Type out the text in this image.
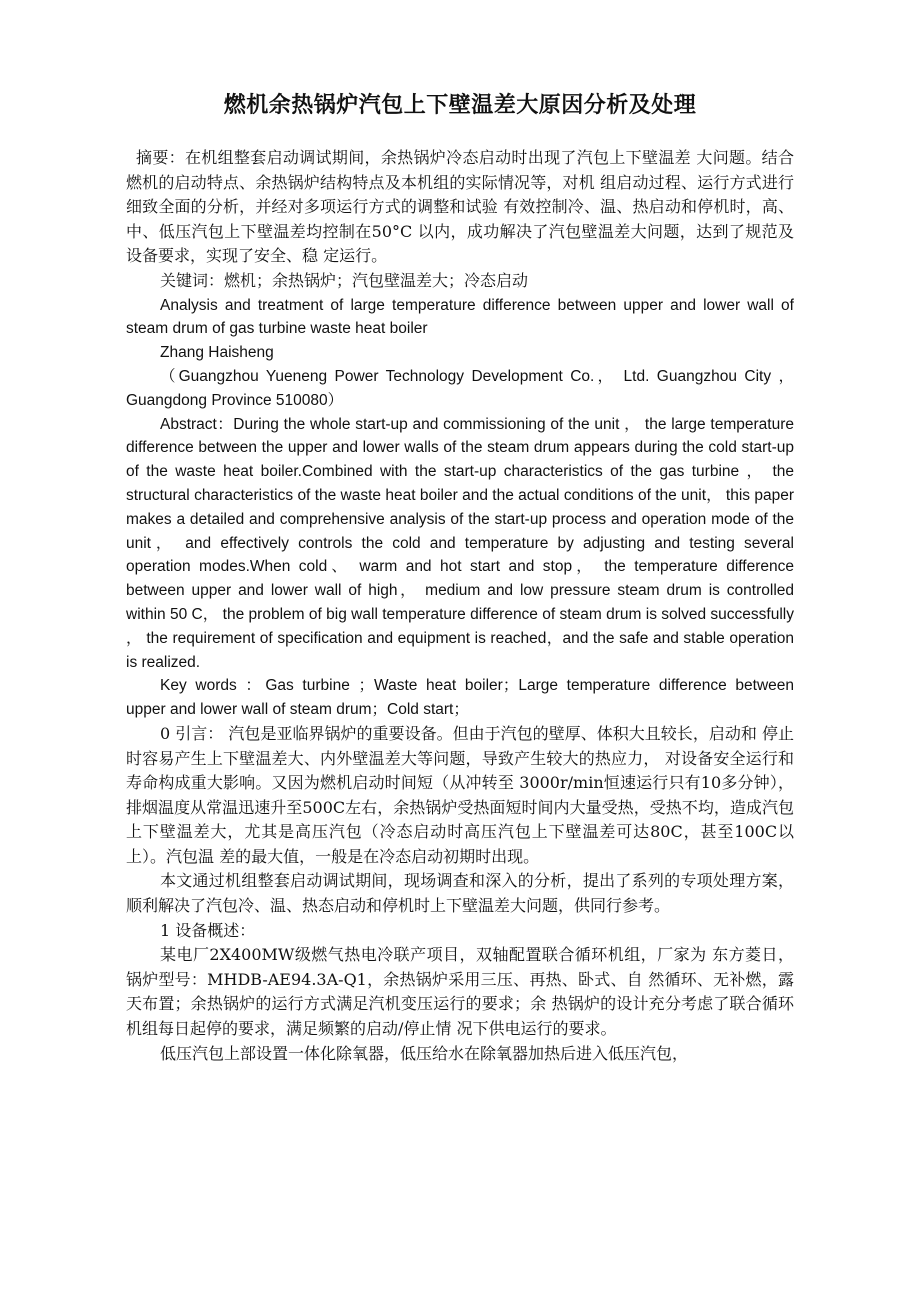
燃机余热锅炉汽包上下壁温差大原因分析及处理

摘要：在机组整套启动调试期间，余热锅炉冷态启动时出现了汽包上下壁温差 大问题。结合燃机的启动特点、余热锅炉结构特点及本机组的实际情况等，对机 组启动过程、运行方式进行细致全面的分析，并经对多项运行方式的调整和试验 有效控制冷、温、热启动和停机时，高、中、低压汽包上下壁温差均控制在50°C 以内，成功解决了汽包壁温差大问题，达到了规范及设备要求，实现了安全、稳 定运行。

关键词：燃机；余热锅炉；汽包壁温差大；冷态启动

Analysis and treatment of large temperature difference between upper and lower wall of steam drum of gas turbine waste heat boiler

Zhang Haisheng

（Guangzhou Yueneng Power Technology Development Co.， Ltd. Guangzhou City ， Guangdong Province 510080）

Abstract：During the whole start-up and commissioning of the unit ， the large temperature difference between the upper and lower walls of the steam drum appears during the cold start-up of the waste heat boiler.Combined with the start-up characteristics of the gas turbine ， the structural characteristics of the waste heat boiler and the actual conditions of the unit， this paper makes a detailed and comprehensive analysis of the start-up process and operation mode of the unit， and effectively controls the cold and temperature by adjusting and testing several operation modes.When cold、 warm and hot start and stop， the temperature difference between upper and lower wall of high， medium and low pressure steam drum is controlled within 50 C， the problem of big wall temperature difference of steam drum is solved successfully ， the requirement of specification and equipment is reached，and the safe and stable operation is realized.

Key words ：Gas turbine ；Waste heat boiler；Large temperature difference between upper and lower wall of steam drum；Cold start；

0 引言： 汽包是亚临界锅炉的重要设备。但由于汽包的壁厚、体积大且较长，启动和 停止时容易产生上下壁温差大、内外壁温差大等问题，导致产生较大的热应力， 对设备安全运行和寿命构成重大影响。又因为燃机启动时间短（从冲转至 3000r/min恒速运行只有10多分钟），排烟温度从常温迅速升至500C左右，余热锅炉受热面短时间内大量受热，受热不均，造成汽包上下壁温差大，尤其是高压汽包（冷态启动时高压汽包上下壁温差可达80C，甚至100C以上）。汽包温 差的最大值，一般是在冷态启动初期时出现。

本文通过机组整套启动调试期间，现场调查和深入的分析，提出了系列的专项处理方案，顺利解决了汽包冷、温、热态启动和停机时上下壁温差大问题，供同行参考。

1 设备概述：

某电厂2X400MW级燃气热电冷联产项目，双轴配置联合循环机组，厂家为 东方菱日，锅炉型号：MHDB-AE94.3A-Q1，余热锅炉采用三压、再热、卧式、自 然循环、无补燃，露天布置；余热锅炉的运行方式满足汽机变压运行的要求；余 热锅炉的设计充分考虑了联合循环机组每日起停的要求，满足频繁的启动/停止情 况下供电运行的要求。

低压汽包上部设置一体化除氧器，低压给水在除氧器加热后进入低压汽包，
